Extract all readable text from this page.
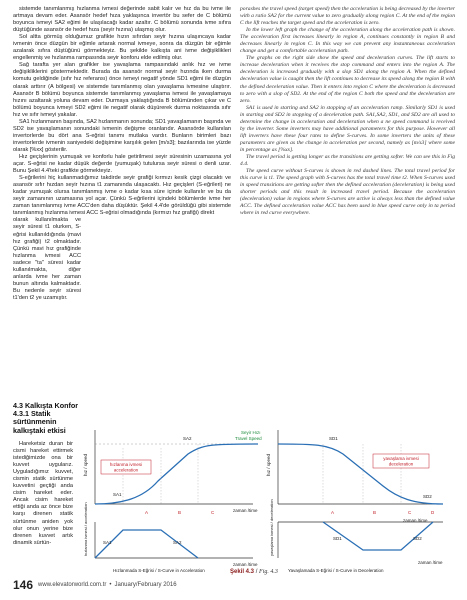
sistemde tanımlanmış hızlanma ivmesi değerinde sabit kalır ve hız da bu ivme ile artmaya devam eder. Asansör hedef hıza yaklaşınca invertör bu sefer de C bölümü boyunca ivmeyi SA2 eğimi ile ulaşılacağı kadar azaltır. C bölümü sonunda ivme sıfıra düştüğünde asansör de hedef hıza (seyir hızına) ulaşmış olur.

Sol altta görmüş olduğumuz grafikte hızın sıfırdan seyir hızına ulaşıncaya kadar ivmenin önce düzgün bir eğimle artarak normal ivmeye, sonra da düzgün bir eğimle azalarak sıfıra düştüğünü görmekteyiz. Bu şekilde kalkışta ani ivme değişiklikleri engellenmiş ve hızlanma rampasında seyir konforu elde edilmiş olur.

Sağ tarafta yer alan grafikler ise yavaşlama rampasındaki anlık hız ve ivme değişikliklerini göstermektedir. Burada da asansör normal seyir hızında iken durma komutu geldiğinde (sıfır hız referansı) önce ivmeyi negatif yönde SD1 eğimi ile düzgün olarak arttırır (A bölgesi) ve sistemde tanımlanmış olan yavaşlama ivmesine ulaştırır. Asansör B bölümü boyunca sistemde tanımlanmış yavaşlama ivmesi ile yavaşlamaya hızını azaltarak yoluna devam eder. Durmaya yaklaştığında B bölümünden çıkar ve C bölümü boyunca ivmeyi SD2 eğimi ile negatif olarak düşürerek durma noktasında sıfır hız ve sıfır ivmeyi yakalar.

SA1 hızlanmanın başında, SA2 hızlanmanın sonunda; SD1 yavaşlamanın başında ve SD2 ise yavaşlamanın sonundaki ivmenin değişme oranlarıdır. Asansörde kullanılan invertorlerde bu dört ana S-eğrisi tanımı mutlaka vardır. Bunların birimleri bazı invertorlerde ivmenin saniyedeki değişimine karşılık gelen [m/s3]; bazılarında ise yüzde olarak [%xx] gösterilir.

Hız geçişlerinin yumuşak ve konforlu hale getirilmesi seyir süresinin uzamasına yol açar. S-eğrisi ne kadar düşük değerde (yumuşak) tutulursa seyir süresi o denli uzar. Bunu Şekil 4.4'teki grafikte görmekteyiz.

S-eğrilerini hiç kullanmadığımız takdirde seyir grafiği kırmızı kesik çizgi olacaktı ve asansör sıfır hızdan seyir hızına t1 zamanında ulaşacaktı. Hız geçişleri (S-eğrileri) ne kadar yumuşak olursa tanımlanmış ivme o kadar kısa süre içinde kullanılır ve bu da seyir zamanının uzamasına yol açar. Çünkü S-eğrilerini içindeki bölümlerde ivme her zaman tanımlanmış ivme ACC'den daha düşüktür. Şekil 4.4'de görüldüğü gibi sistemde tanımlanmış hızlanma ivmesi ACC S-eğrisi olmadığında (kırmızı hız grafiği) direkt

olarak kullanılmakta ve seyir süresi t1 olurken, S-eğrisi kullanıldığında (mavi hız grafiği) t2 olmaktadır. Çünkü mavi hız grafiğinde hızlanma ivmesi ACC sadece "ta" süresi kadar kullanılmakta, diğer anlarda ivme her zaman bunun altında kalmaktadır. Bu nedenle seyir süresi t1'den t2 ye uzamıştır.

4.3 Kalkışta Konfor
4.3.1 Statik sürtünmenin kalkıştaki etkisi

Hareketsiz duran bir cismi hareket ettirmek istediğimizde ona bir kuvvet uygularız. Uyguladığımız kuvvet, cismin statik sürtünme kuvvetini geçtiği anda cisim hareket eder. Ancak cisim hareket ettiği anda az önce bize karşı direnen statik sürtünme aniden yok olur onun yerine bize direnen kuvvet artık dinamik sürtün-

porashes the travel speed (target speed) then the acceleration is being decreased by the inverter with a ratio SA2 for the current value to zero gradually along region C. At the end of the region C the lift reaches the target speed and the acceleration is zero.

In the lower left graph the change of the acceleration along the acceleration path is shown. The acceleration first increases linearly in region A, continues constantly in region B and decreases linearly in region C. In this way we can prevent any instantaneous acceleration change and get a comfortable acceleration path.

The graphs on the right side show the speed and deceleration curves. The lift starts to increase deceleration when it receives the stop command and enters into the region A. The deceleration is increased gradually with a slop SD1 along the region A. When the defined deceleration value is caught then the lift continues to decrease its speed along the region B with the defined deceleration value. Then it enters into region C where the deceleration is decreased to zero with a slop of SD2. At the end of the region C both the speed and the deceleration are zero.

SA1 is used in starting and SA2 in stopping of an acceleration ramp. Similarly SD1 is used in starting and SD2 in stopping of a deceleration path. SA1,SA2, SD1, and SD2 are all used to determine the change in acceleration and deceleration when a ne speed command is received by the inverter. Some inverters may have additional parameters for this purpose. However all lift inverters have these four rates to define S-curves. In some inverters the units of these parameters are given as the change in acceleration per second, namely as [m/s3] where some in percentage as [%xx].

The travel period is getting longer as the transitions are getting softer. We can see this in Fig 4.4.

The speed curve without S-curves is shown in red dashed lines. The total travel period for this curve is t1. The speed graph with S-curves has the total travel time t2. When S-curves used in speed transitions are getting softer then the defined acceleration (deceleration) is being used shorter periods and this result in increased travel period. Because the acceleration (deceleration) value in regions where S-curves are active is always less than the defined value ACC. The defined acceleration value ACC has been used in blue speed curve only in ta period where in red curve everywhere.

hızlanma ivmesi
acceleration
hız / speed
Seyir Hızı
Travel Speed
SA2
SA1
A	B	C	zaman /time
SA1	SA2
hızlanma ivmesi / acceleration
zaman /time
Hızlanmada S-Eğrisi / S-Curve in Acceleration
yavaşlama ivmesi
deceleration
hız / speed
SD1
SD2
A	B	C	D
zaman /time
SD1	SD2
yavaşlama ivmesi / deceleration
zaman /time
Yavaşlamada S-Eğrisi / S-Curve in Deceleration
Şekil 4.3 / Fig. 4.3
146 www.elevatorworld.com.tr • January/February 2016
